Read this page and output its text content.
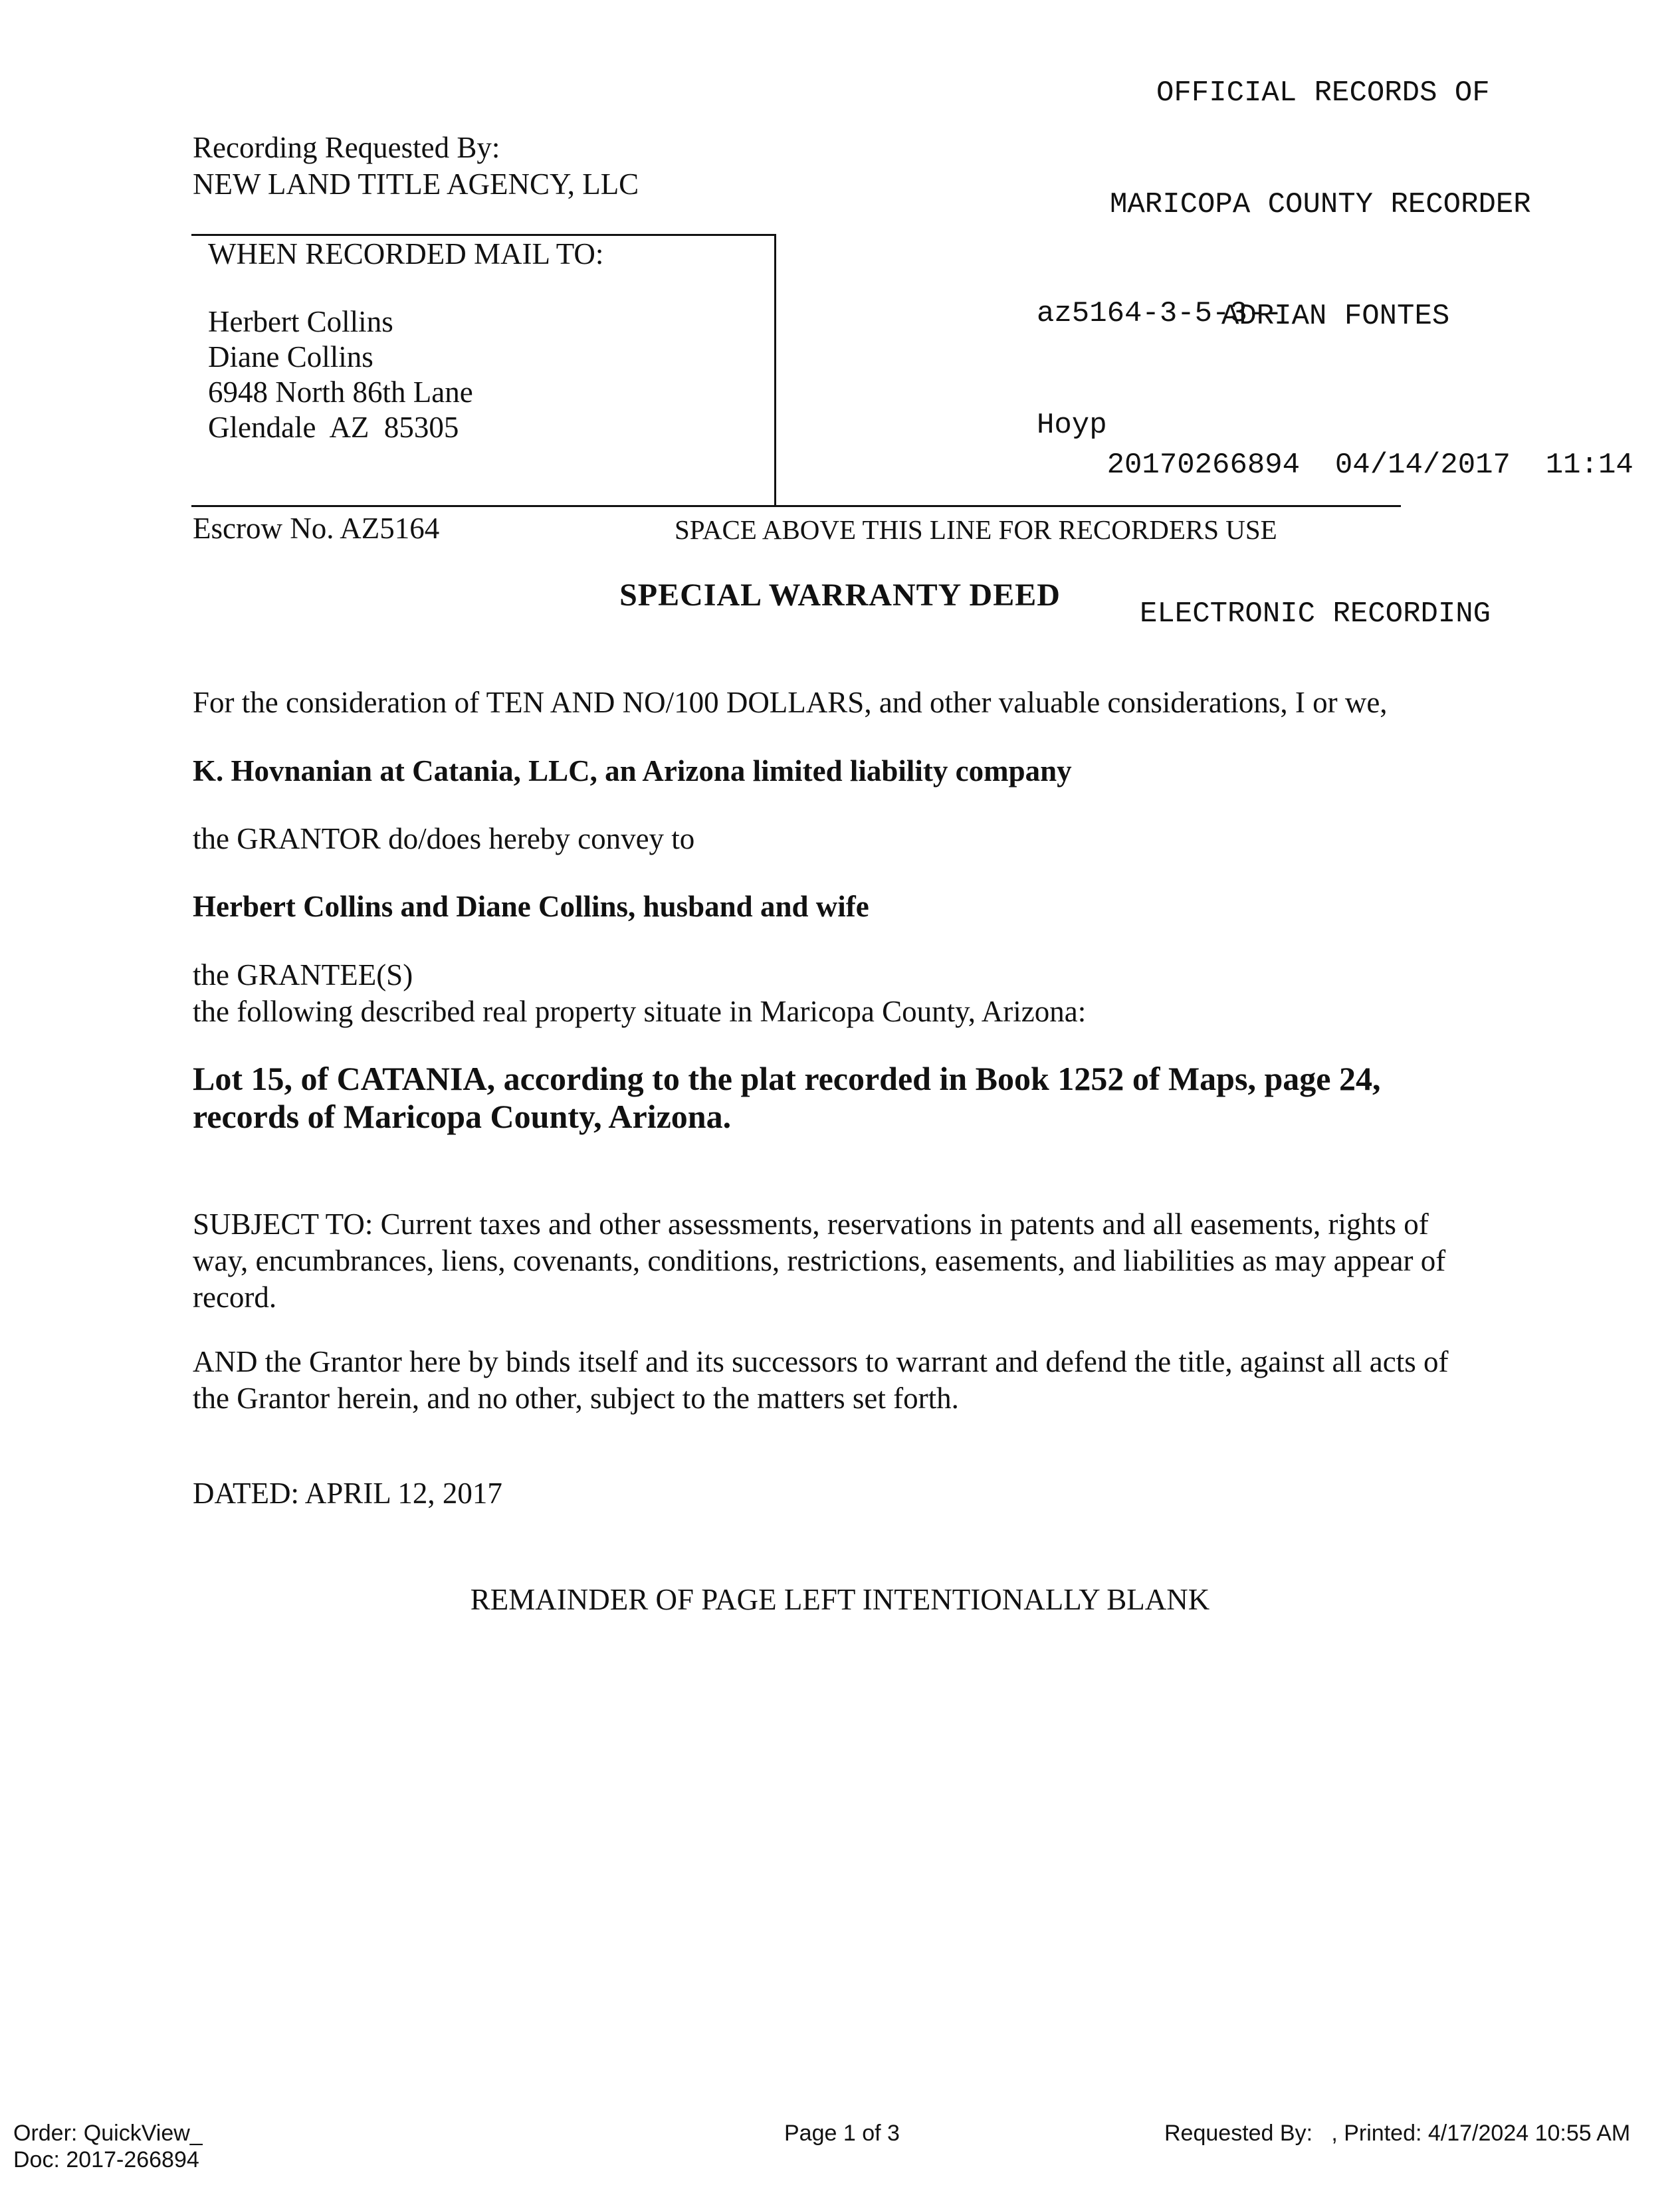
OFFICIAL RECORDS OF

MARICOPA COUNTY RECORDER

ADRIAN FONTES

20170266894 04/14/2017 11:14

ELECTRONIC RECORDING

az5164-3-5-3--

Hoyp

Recording Requested By:
NEW LAND TITLE AGENCY, LLC
WHEN RECORDED MAIL TO:
Herbert Collins
Diane Collins
6948 North 86th Lane
Glendale  AZ  85305
Escrow No. AZ5164	SPACE ABOVE THIS LINE FOR RECORDERS USE
SPECIAL WARRANTY DEED
For the consideration of TEN AND NO/100 DOLLARS, and other valuable considerations, I or we,
K. Hovnanian at Catania, LLC, an Arizona limited liability company
the GRANTOR do/does hereby convey to
Herbert Collins and Diane Collins, husband and wife
the GRANTEE(S)
the following described real property situate in Maricopa County, Arizona:
Lot 15, of CATANIA, according to the plat recorded in Book 1252 of Maps, page 24,
records of Maricopa County, Arizona.
SUBJECT TO: Current taxes and other assessments, reservations in patents and all easements, rights of
way, encumbrances, liens, covenants, conditions, restrictions, easements, and liabilities as may appear of
record.
AND the Grantor here by binds itself and its successors to warrant and defend the title, against all acts of
the Grantor herein, and no other, subject to the matters set forth.
DATED: APRIL 12, 2017
REMAINDER OF PAGE LEFT INTENTIONALLY BLANK
Order: QuickView_
Doc: 2017-266894
Page 1 of 3	Requested By:   , Printed: 4/17/2024 10:55 AM
